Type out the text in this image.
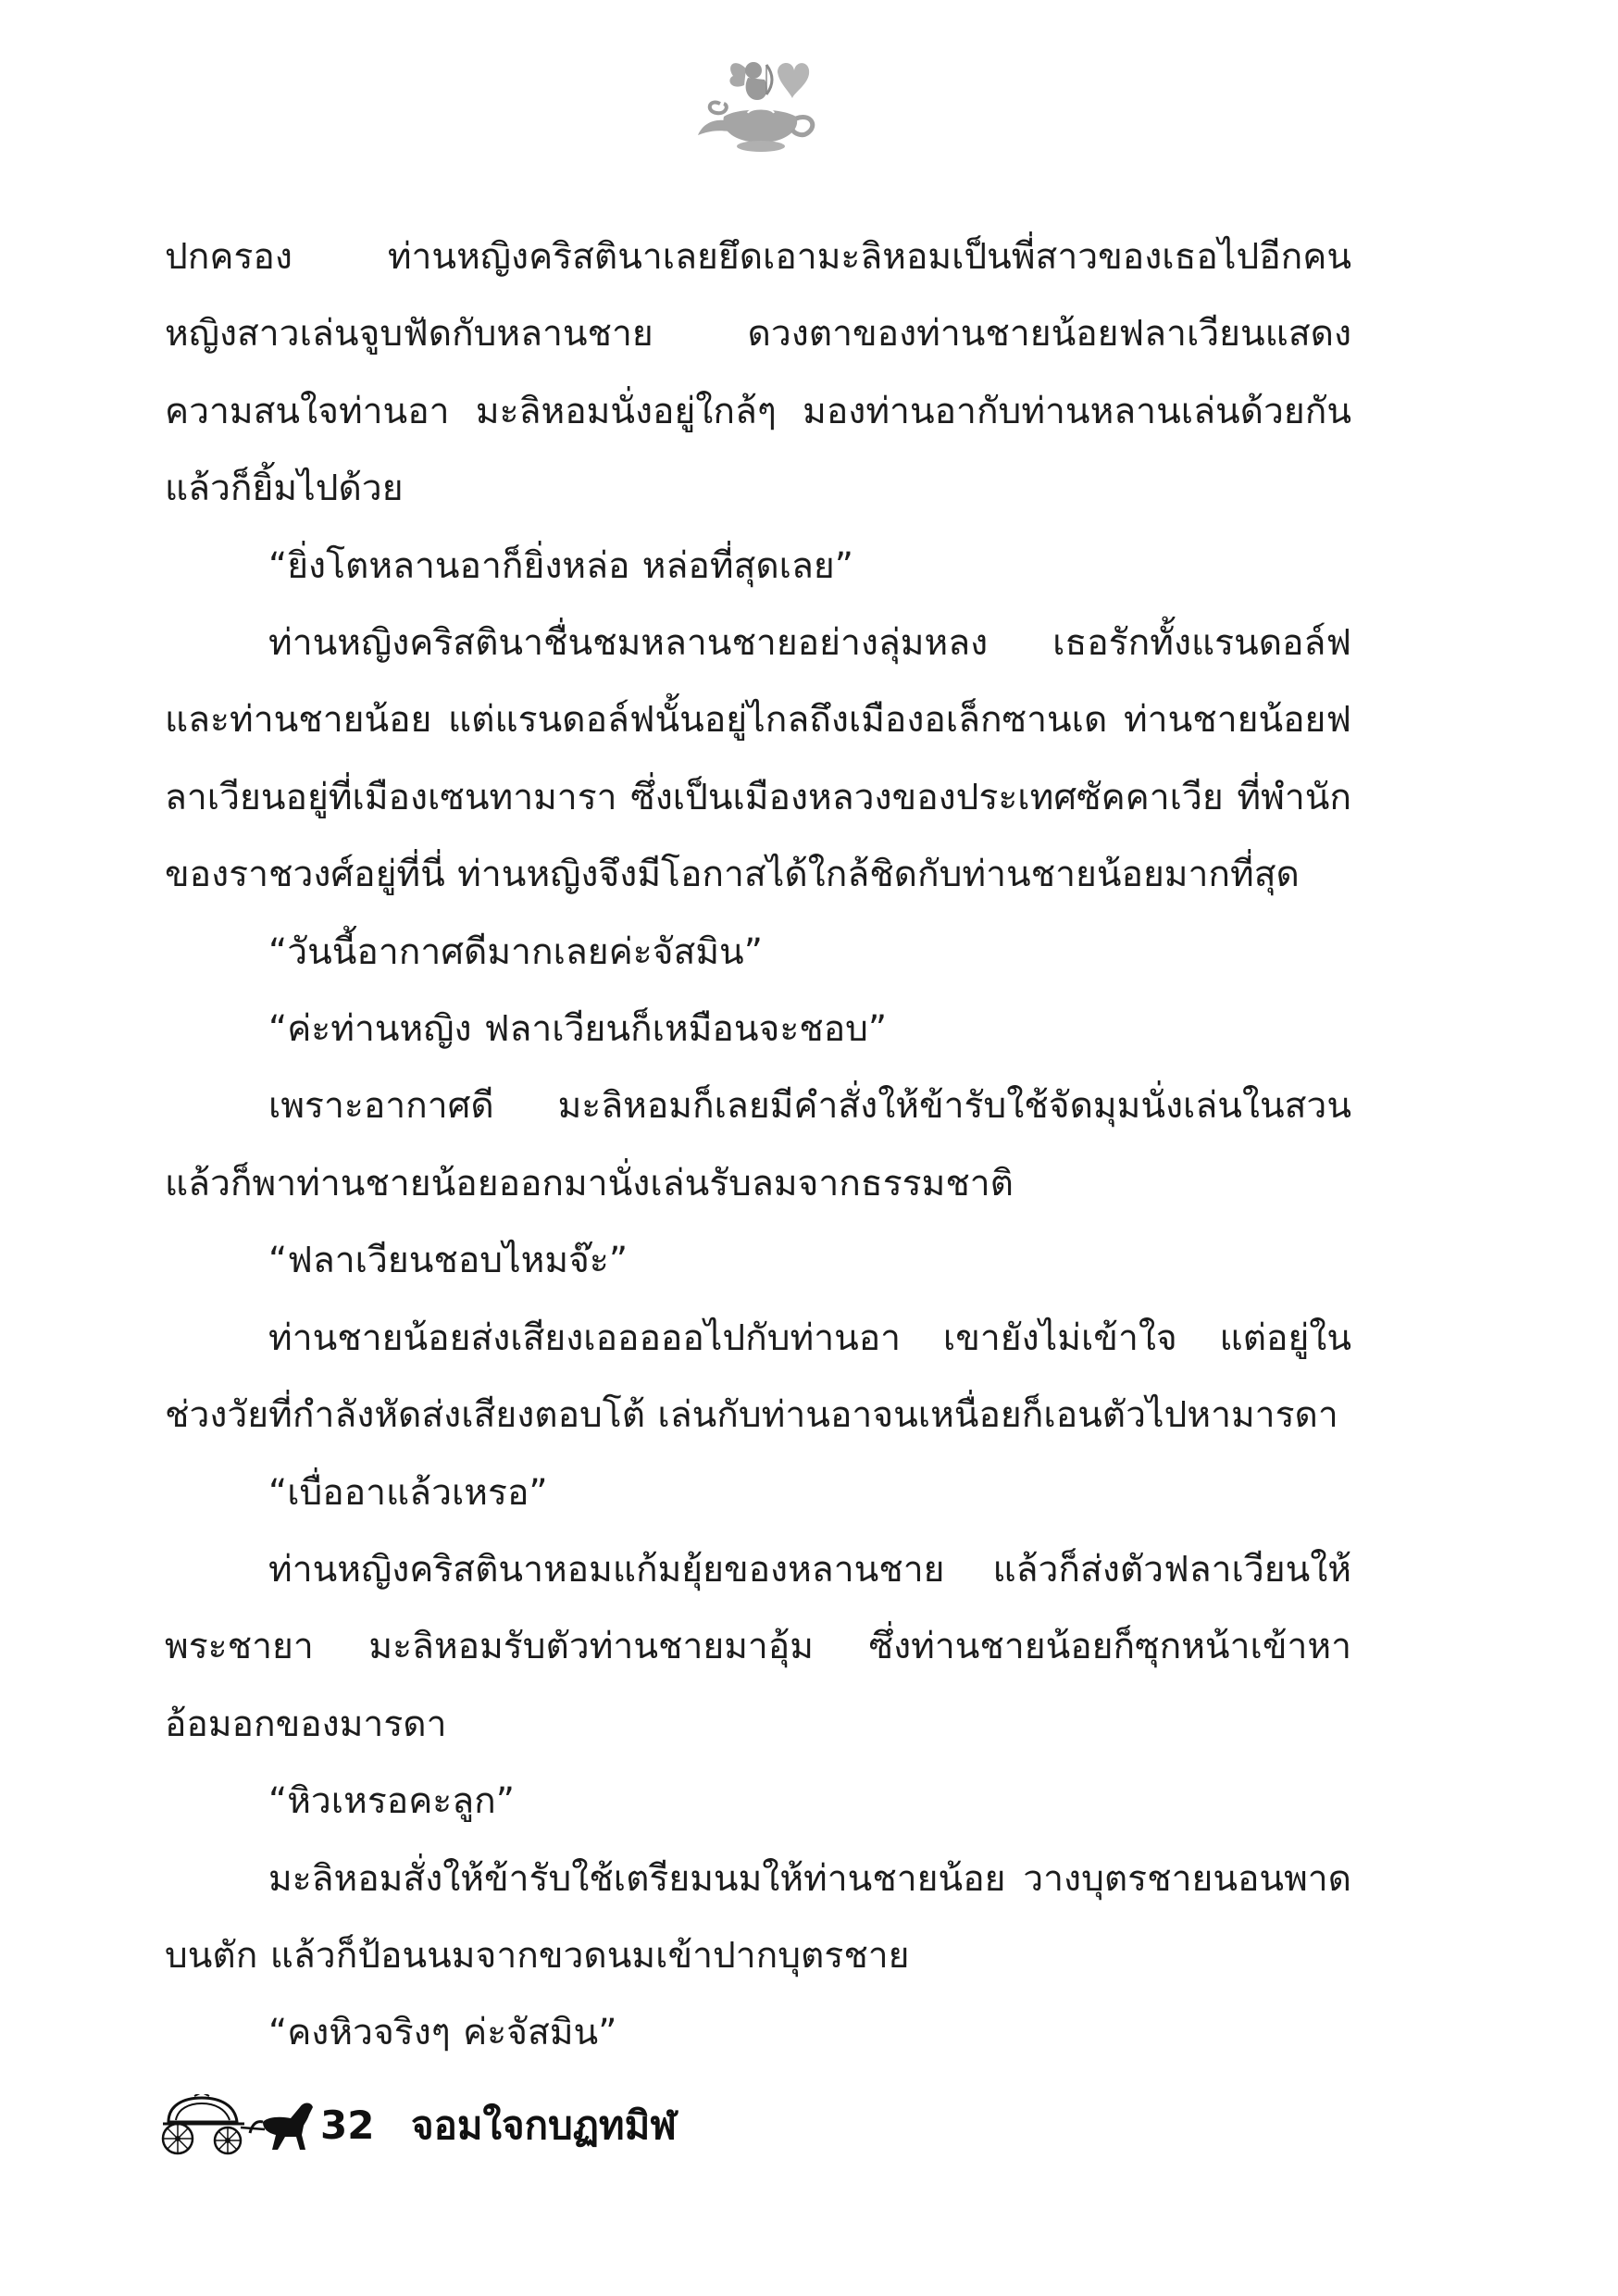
ปกครอง ท่านหญิงคริสตินาเลยยึดเอามะลิหอมเป็นพี่สาวของเธอไปอีกคน หญิงสาวเล่นจูบฟัดกับหลานชาย ดวงตาของท่านชายน้อยฟลาเวียนแสดงความสนใจท่านอา มะลิหอมนั่งอยู่ใกล้ๆ มองท่านอากับท่านหลานเล่นด้วยกันแล้วก็ยิ้มไปด้วย

“ยิ่งโตหลานอาก็ยิ่งหล่อ หล่อที่สุดเลย”

ท่านหญิงคริสตินาชื่นชมหลานชายอย่างลุ่มหลง เธอรักทั้งแรนดอล์ฟและท่านชายน้อย แต่แรนดอล์ฟนั้นอยู่ไกลถึงเมืองอเล็กซานเด ท่านชายน้อยฟลาเวียนอยู่ที่เมืองเซนทามารา ซึ่งเป็นเมืองหลวงของประเทศซัคคาเวีย ที่พำนักของราชวงศ์อยู่ที่นี่ ท่านหญิงจึงมีโอกาสได้ใกล้ชิดกับท่านชายน้อยมากที่สุด

“วันนี้อากาศดีมากเลยค่ะจัสมิน”

“ค่ะท่านหญิง ฟลาเวียนก็เหมือนจะชอบ”

เพราะอากาศดี มะลิหอมก็เลยมีคำสั่งให้ข้ารับใช้จัดมุมนั่งเล่นในสวนแล้วก็พาท่านชายน้อยออกมานั่งเล่นรับลมจากธรรมชาติ

“ฟลาเวียนชอบไหมจ๊ะ”

ท่านชายน้อยส่งเสียงเอออออไปกับท่านอา เขายังไม่เข้าใจ แต่อยู่ในช่วงวัยที่กำลังหัดส่งเสียงตอบโต้ เล่นกับท่านอาจนเหนื่อยก็เอนตัวไปหามารดา

“เบื่ออาแล้วเหรอ”

ท่านหญิงคริสตินาหอมแก้มยุ้ยของหลานชาย แล้วก็ส่งตัวฟลาเวียนให้พระชายา มะลิหอมรับตัวท่านชายมาอุ้ม ซึ่งท่านชายน้อยก็ซุกหน้าเข้าหาอ้อมอกของมารดา

“หิวเหรอคะลูก”

มะลิหอมสั่งให้ข้ารับใช้เตรียมนมให้ท่านชายน้อย วางบุตรชายนอนพาดบนตัก แล้วก็ป้อนนมจากขวดนมเข้าปากบุตรชาย

“คงหิวจริงๆ ค่ะจัสมิน”

32 จอมใจกบฏทมิฬ
